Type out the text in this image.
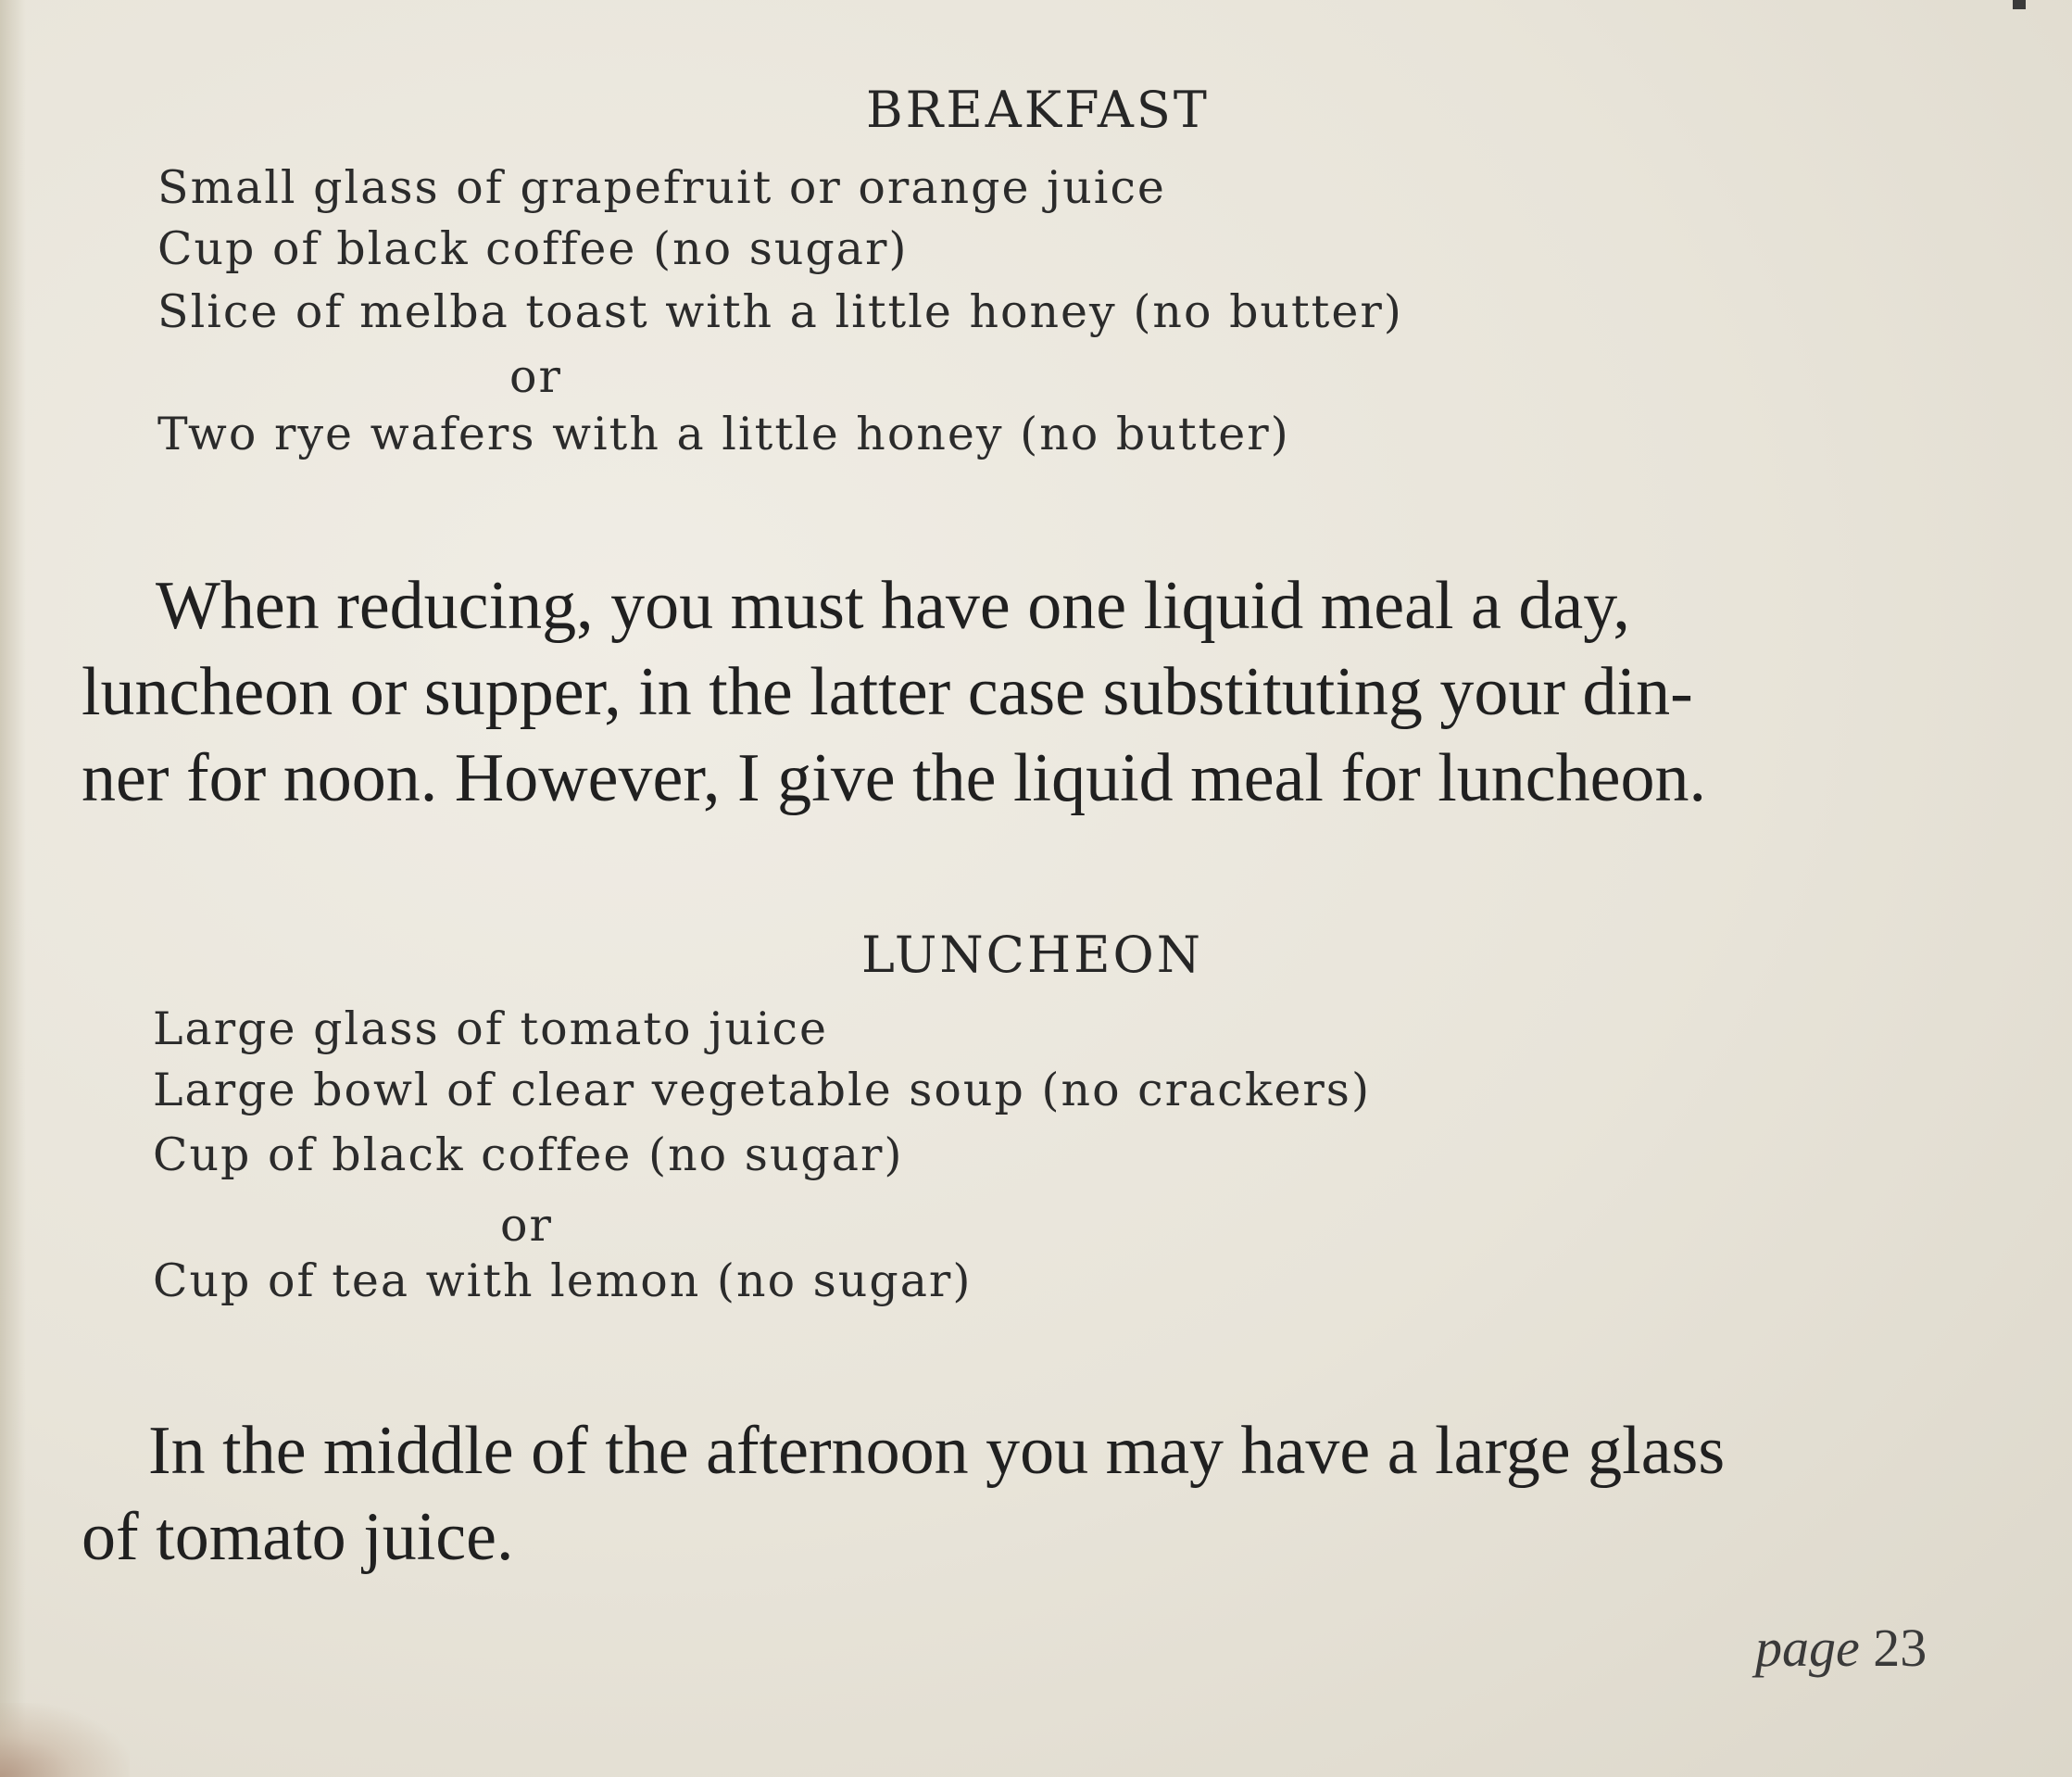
BREAKFAST
Small glass of grapefruit or orange juice
Cup of black coffee (no sugar)
Slice of melba toast with a little honey (no butter)
or
Two rye wafers with a little honey (no butter)
When reducing, you must have one liquid meal a day,
luncheon or supper, in the latter case substituting your din-
ner for noon. However, I give the liquid meal for luncheon.
LUNCHEON
Large glass of tomato juice
Large bowl of clear vegetable soup (no crackers)
Cup of black coffee (no sugar)
or
Cup of tea with lemon (no sugar)
In the middle of the afternoon you may have a large glass
of tomato juice.
page 23
